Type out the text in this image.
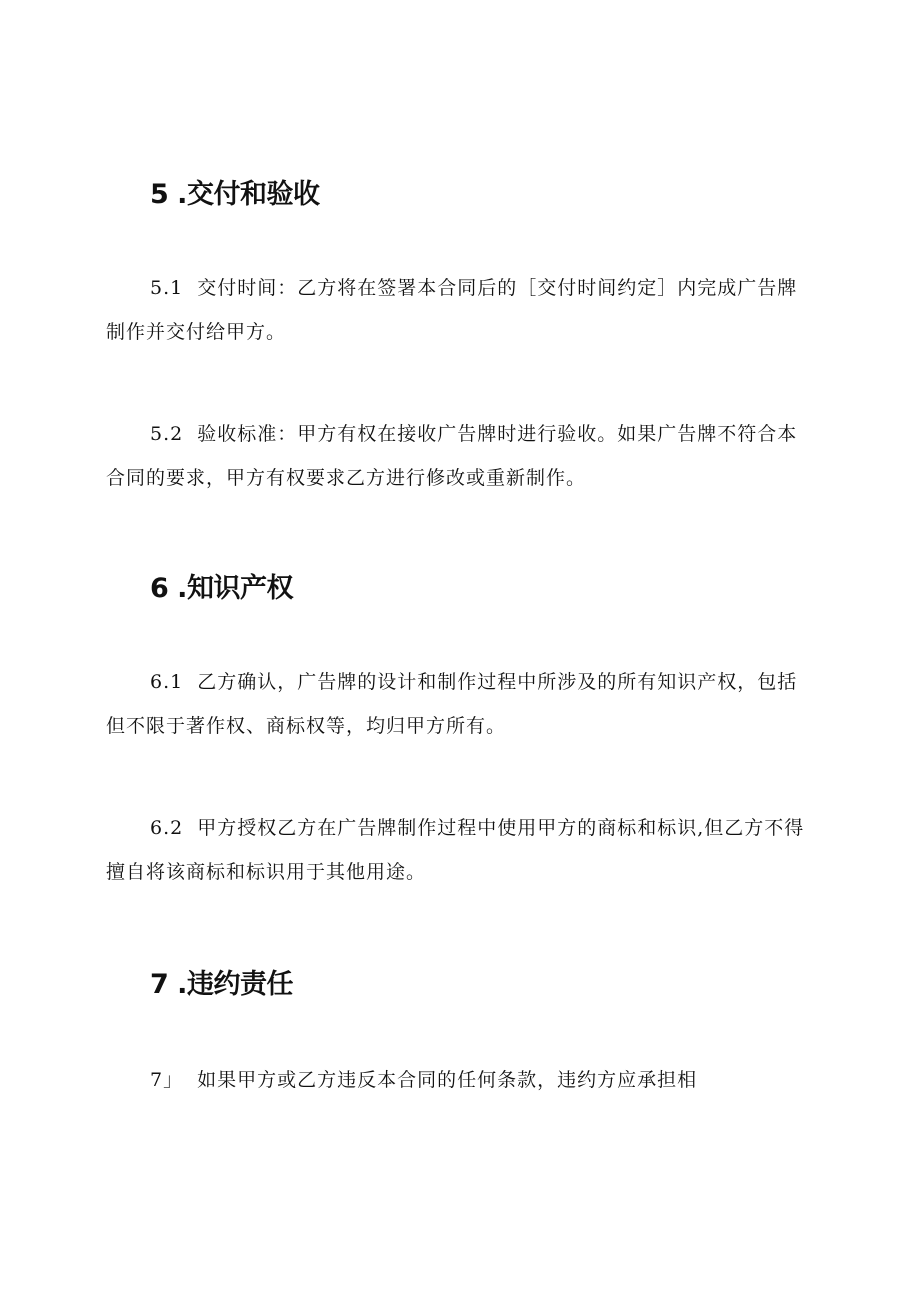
5 .交付和验收

5.1 交付时间：乙方将在签署本合同后的［交付时间约定］内完成广告牌制作并交付给甲方。

5.2 验收标准：甲方有权在接收广告牌时进行验收。如果广告牌不符合本合同的要求，甲方有权要求乙方进行修改或重新制作。

6 .知识产权

6.1 乙方确认，广告牌的设计和制作过程中所涉及的所有知识产权，包括但不限于著作权、商标权等，均归甲方所有。

6.2 甲方授权乙方在广告牌制作过程中使用甲方的商标和标识,但乙方不得擅自将该商标和标识用于其他用途。

7 .违约责任

7」 如果甲方或乙方违反本合同的任何条款，违约方应承担相
